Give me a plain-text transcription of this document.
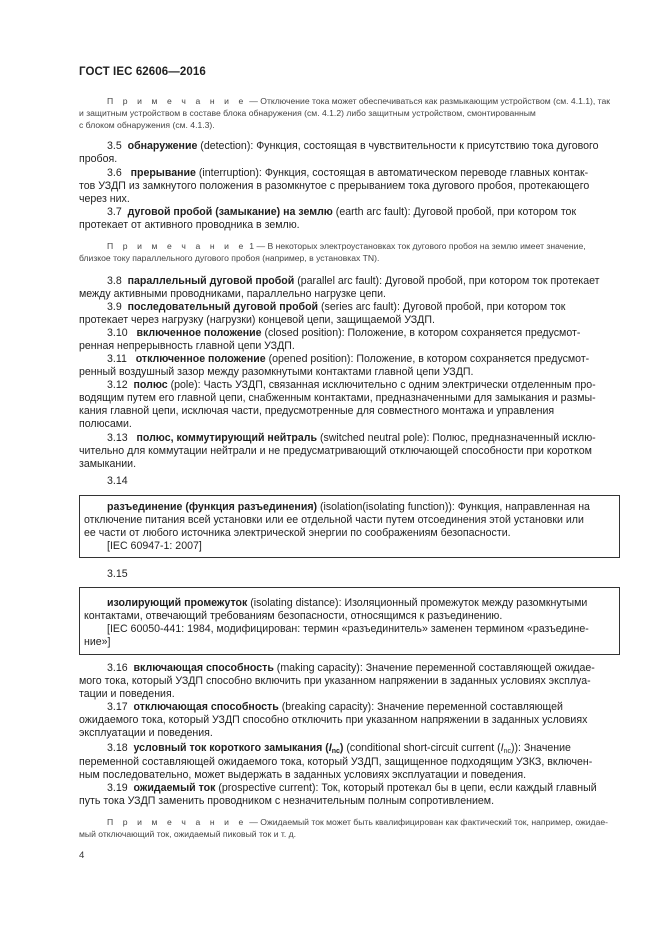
ГОСТ IEC 62606—2016
П р и м е ч а н и е — Отключение тока может обеспечиваться как размыкающим устройством (см. 4.1.1), так
и защитным устройством в составе блока обнаружения (см. 4.1.2) либо защитным устройством, смонтированным
с блоком обнаружения (см. 4.1.3).
3.5 обнаружение (detection): Функция, состоящая в чувствительности к присутствию тока дугового
пробоя.
3.6 прерывание (interruption): Функция, состоящая в автоматическом переводе главных контак-
тов УЗДП из замкнутого положения в разомкнутое с прерыванием тока дугового пробоя, протекающего
через них.
3.7 дуговой пробой (замыкание) на землю (earth arc fault): Дуговой пробой, при котором ток
протекает от активного проводника в землю.
П р и м е ч а н и е 1 — В некоторых электроустановках ток дугового пробоя на землю имеет значение,
близкое току параллельного дугового пробоя (например, в установках TN).
3.8 параллельный дуговой пробой (parallel arc fault): Дуговой пробой, при котором ток протекает
между активными проводниками, параллельно нагрузке цепи.
3.9 последовательный дуговой пробой (series arc fault): Дуговой пробой, при котором ток
протекает через нагрузку (нагрузки) концевой цепи, защищаемой УЗДП.
3.10 включенное положение (closed position): Положение, в котором сохраняется предусмот-
ренная непрерывность главной цепи УЗДП.
3.11 отключенное положение (opened position): Положение, в котором сохраняется предусмот-
ренный воздушный зазор между разомкнутыми контактами главной цепи УЗДП.
3.12 полюс (pole): Часть УЗДП, связанная исключительно с одним электрически отделенным про-
водящим путем его главной цепи, снабженным контактами, предназначенными для замыкания и размы-
кания главной цепи, исключая части, предусмотренные для совместного монтажа и управления
полюсами.
3.13 полюс, коммутирующий нейтраль (switched neutral pole): Полюс, предназначенный исклю-
чительно для коммутации нейтрали и не предусматривающий отключающей способности при коротком
замыкании.
3.14
разъединение (функция разъединения) (isolation(isolating function)): Функция, направленная на
отключение питания всей установки или ее отдельной части путем отсоединения этой установки или
ее части от любого источника электрической энергии по соображениям безопасности.
[IEC 60947-1: 2007]
3.15
изолирующий промежуток (isolating distance): Изоляционный промежуток между разомкнутыми
контактами, отвечающий требованиям безопасности, относящимся к разъединению.
[IEC 60050-441: 1984, модифицирован: термин «разъединитель» заменен термином «разъедине-
ние»]
3.16 включающая способность (making capacity): Значение переменной составляющей ожидае-
мого тока, который УЗДП способно включить при указанном напряжении в заданных условиях эксплуа-
тации и поведения.
3.17 отключающая способность (breaking capacity): Значение переменной составляющей
ожидаемого тока, который УЗДП способно отключить при указанном напряжении в заданных условиях
эксплуатации и поведения.
3.18 условный ток короткого замыкания $(I_{nc})$ (conditional short-circuit current $(I_{nc})$): Значение
переменной составляющей ожидаемого тока, который УЗДП, защищенное подходящим УЗКЗ, включен-
ным последовательно, может выдержать в заданных условиях эксплуатации и поведения.
3.19 ожидаемый ток (prospective current): Ток, который протекал бы в цепи, если каждый главный
путь тока УЗДП заменить проводником с незначительным полным сопротивлением.
П р и м е ч а н и е — Ожидаемый ток может быть квалифицирован как фактический ток, например, ожидае-
мый отключающий ток, ожидаемый пиковый ток и т. д.
4
